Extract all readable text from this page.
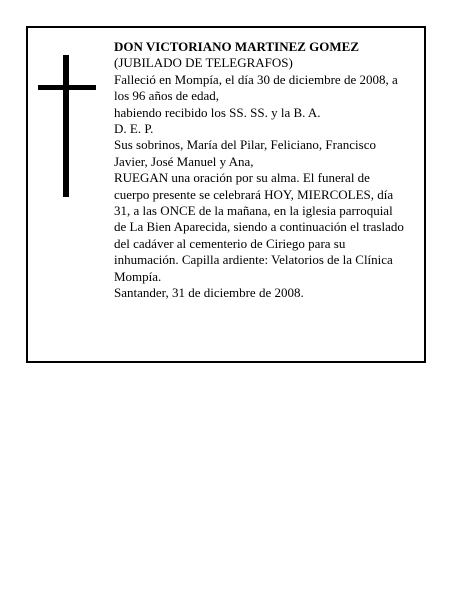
DON VICTORIANO MARTINEZ GOMEZ

(JUBILADO DE TELEGRAFOS)

Falleció en Mompía, el día 30 de diciembre de 2008, a

los 96 años de edad,

habiendo recibido los SS. SS. y la B. A.

D. E. P.

Sus sobrinos, María del Pilar, Feliciano, Francisco

Javier, José Manuel y Ana,

RUEGAN una oración por su alma. El funeral de

cuerpo presente se celebrará HOY, MIERCOLES, día

31, a las ONCE de la mañana, en la iglesia parroquial

de La Bien Aparecida, siendo a continuación el traslado

del cadáver al cementerio de Ciriego para su

inhumación. Capilla ardiente: Velatorios de la Clínica

Mompía.

Santander, 31 de diciembre de 2008.
